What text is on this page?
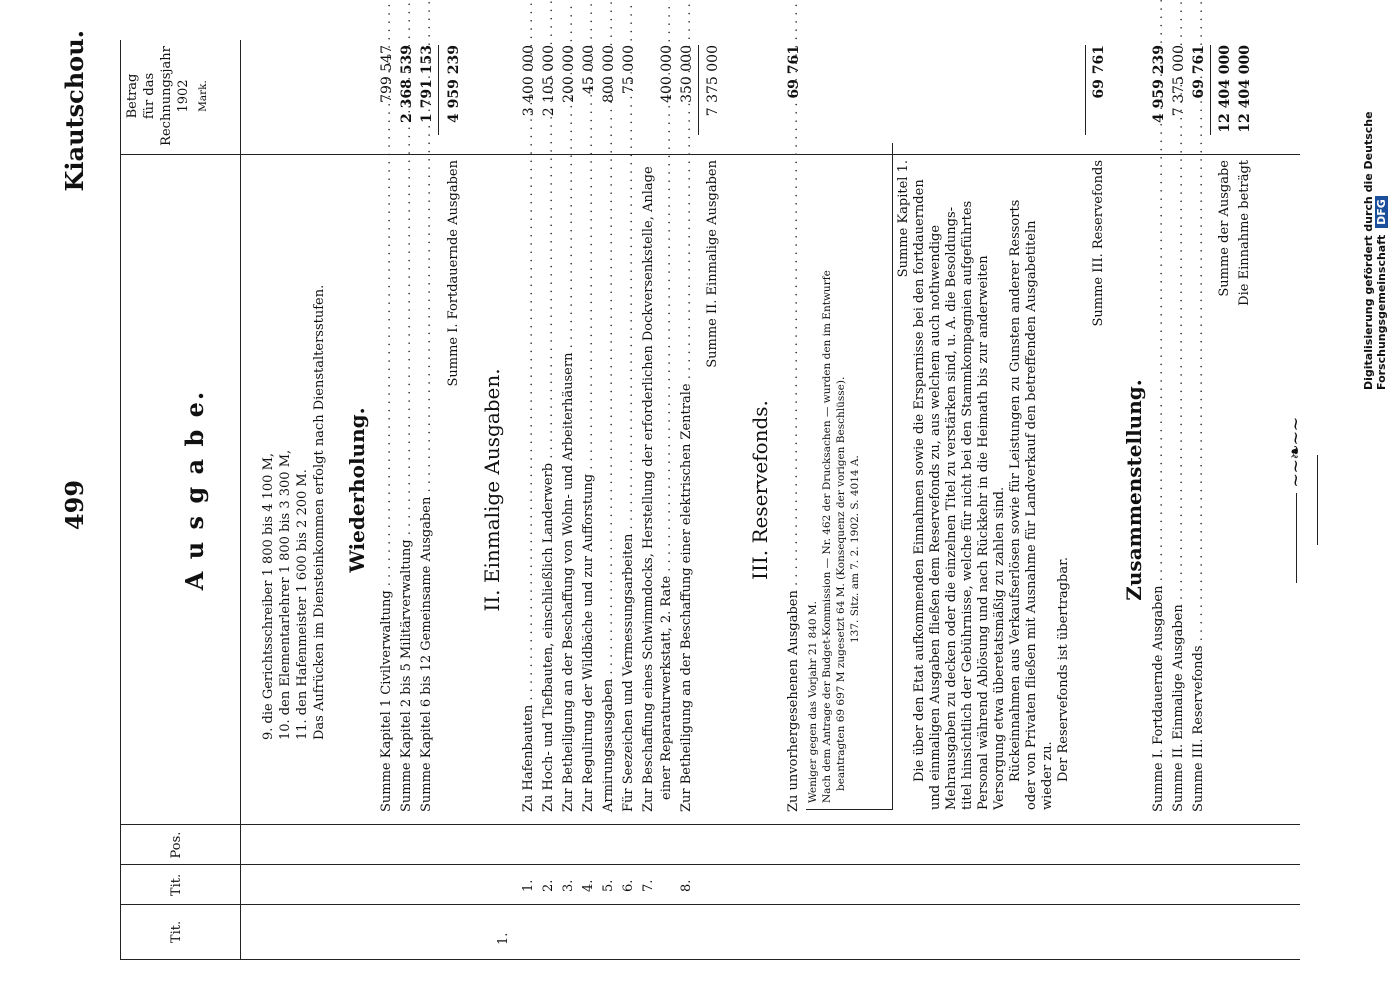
499
Kiautschou.
Tit.
Tit.
Pos.
Betrag für das Rechnungsjahr 1902 Mark.
A u s g a b e.	9. die Gerichtsschreiber 1 800 bis 4 100 M, 10. den Elementarlehrer 1 800 bis 3 300 M, 11. den Hafenmeister 1 600 bis 2 200 M. Das Aufrücken im Diensteinkommen erfolgt nach Dienstaltersstufen. Wiederholung.
Summe Kapitel 1 Civilverwaltung . . .
799 547
Summe Kapitel 2 bis 5 Militärverwaltung . . .
2 368 539
Summe Kapitel 6 bis 12 Gemeinsame Ausgaben . . .
1 791 153
Summe I. Fortdauernde Ausgaben
4 959 239
II. Einmalige Ausgaben.
1.
1.
Zu Hafenbauten . . .
3 400 000
2.
Zu Hoch- und Tiefbauten, einschließlich Landerwerb . . .
2 105 000
3.
Zur Betheiligung an der Beschaffung von Wohn- und Arbeiterhäusern . . .
200 000
4.
Zur Regulirung der Wildbäche und zur Aufforstung . . .
45 000
5.
Armirungsausgaben . . .
800 000
6.
Für Seezeichen und Vermessungsarbeiten . . .
75 000
7.
Zur Beschaffung eines Schwimmdocks, Herstellung der erforderlichen Dockversenkstelle, Anlage einer Reparaturwerkstatt, 2. Rate . . .
400 000
8.
Zur Betheiligung an der Beschaffung einer elektrischen Zentrale . . .
350 000
Summe II. Einmalige Ausgaben
7 375 000
III. Reservefonds.
Zu unvorhergesehenen Ausgaben . . .
69 761
Weniger gegen das Vorjahr 21 840 M. Nach dem Antrage der Budget-Kommission — Nr. 462 der Drucksachen — wurden den im Entwurfe beantragten 69 697 M zugesetzt 64 M. (Konsequenz der vorigen Beschlüsse). 137. Sitz. am 7. 2. 1902. S. 4014 A.
Summe Kapitel 1. Die über den Etat aufkommenden Einnahmen sowie die Ersparnisse bei den fortdauernden und einmaligen Ausgaben fließen dem Reservefonds zu, aus welchem auch nothwendige Mehrausgaben zu decken oder die einzelnen Titel zu verstärken sind, u. A. die Besoldungs- titel hinsichtlich der Gebührnisse, welche für nicht bei den Stammkompagnien aufgeführtes Personal während Ablösung und nach Rückkehr in die Heimath bis zur anderweiten Versorgung etwa überetatsmäßig zu zahlen sind. Rückeinnahmen aus Verkaufserlösen sowie für Leistungen zu Gunsten anderer Ressorts oder von Privaten fließen mit Ausnahme für Landverkauf den betreffenden Ausgabetiteln wieder zu. Der Reservefonds ist übertragbar.
Summe III. Reservefonds
69 761
Zusammenstellung.
Summe I. Fortdauernde Ausgaben . . .
4 959 239
Summe II. Einmalige Ausgaben . . .
7 375 000
Summe III. Reservefonds . . .
69 761
Summe der Ausgabe
12 404 000
Die Einnahme beträgt
12 404 000
~~❧~~
Digitalisierung gefördert durch die Deutsche Forschungsgemeinschaft DFG
